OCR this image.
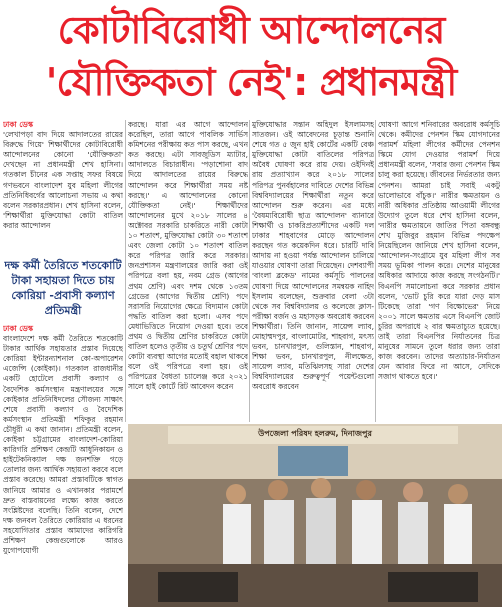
কোটাবিরোধী আন্দোলনের
'যৌক্তিকতা নেই': প্রধানমন্ত্রী

ঢাকা ডেস্ক

'লেখাপড়া বাদ দিয়ে আদালতের রায়ের বিরুদ্ধে গিয়ে' শিক্ষার্থীদের কোটাবিরোধী আন্দোলনের কোনো 'যৌক্তিকতা' দেখছেন না প্রধানমন্ত্রী শেখ হাসিনা। গতকাল চীনের এক সপ্তাহ সফর বিষয়ে গণভবনে বাংলাদেশ যুব মহিলা লীগের প্রতিনিধিবর্গের আলোচনা সভায় এ কথা বলেন সরকারপ্রধান। শেখ হাসিনা বলেন, 'শিক্ষার্থীরা মুক্তিযোদ্ধা কোটা বাতিল করার আন্দোলন

দক্ষ কর্মী তৈরিতে শতকোটি টাকা সহায়তা দিতে চায় কোরিয়া -প্রবাসী কল্যাণ প্রতিমন্ত্রী

ঢাকা ডেস্ক

বাংলাদেশে দক্ষ কর্মী তৈরিতে শতকোটি টাকার আর্থিক সহায়তার প্রস্তাব দিয়েছে কোরিয়া ইন্টারন্যাশনাল কো-অপারেশন এজেন্সি (কোইকা)। গতকাল রাজধানীর একটি হোটেলে প্রবাসী কল্যাণ ও বৈদেশিক কর্মসংস্থান মন্ত্রণালয়ের সঙ্গে কোইকার প্রতিনিধিদলের সৌজন্য সাক্ষাৎ শেষে প্রবাসী কল্যাণ ও বৈদেশিক কর্মসংস্থান প্রতিমন্ত্রী শফিকুর রহমান চৌধুরী এ কথা জানান। প্রতিমন্ত্রী বলেন, কোইকা চট্টগ্রামের বাংলাদেশ-কোরিয়া কারিগরি প্রশিক্ষণ কেন্দ্রটি আধুনিকায়ন ও হাইটেকনিক্যাল দক্ষ জনশক্তি গড়ে তোলার জন্য আর্থিক সহায়তা করবে বলে প্রস্তাব করেছে। আমরা প্রস্তাবটিকে স্বাগত জানিয়ে আমার ও এখানকার পরামর্শে দ্রুত বাস্তবায়নের লক্ষ্যে কাজ করতে সংশ্লিষ্টদের বলেছি। তিনি বলেন, দেশে দক্ষ জনবল তৈরিতে কোরিয়ার এ ধরনের সহযোগিতার প্রস্তাব আমাদের কারিগরি প্রশিক্ষণ কেন্দ্রগুলোকে আরও যুগোপযোগী

করছে। যারা এর আগে আন্দোলন করেছিল, তারা আগে পাবলিক সার্ভিস কমিশনের পরীক্ষায় কত পাস করছে, এখন কত করছে। এটা সাবজুডিস ম্যাটার, আদালতে বিচারাধীন। 'পড়াশোনা বাদ দিয়ে আদালতের রায়ের বিরুদ্ধে আন্দোলন করে শিক্ষার্থীরা সময় নষ্ট করছে।' এ আন্দোলনের কোনো যৌক্তিকতা নেই।' শিক্ষার্থীদের আন্দোলনের মুখে ২০১৮ সালের ৪ অক্টোবর সরকারি চাকরিতে নারী কোটা ১০ শতাংশ, মুক্তিযোদ্ধা কোটা ৩০ শতাংশ এবং জেলা কোটা ১০ শতাংশ বাতিল করে পরিপত্র জারি করে সরকার। জনপ্রশাসন মন্ত্রণালয়ের জারি করা ওই পরিপত্রে বলা হয়, নবম গ্রেড (আগের প্রথম শ্রেণি) এবং দশম থেকে ১৩তম গ্রেডের (আগের দ্বিতীয় শ্রেণি) পদে সরাসরি নিয়োগের ক্ষেত্রে বিদ্যমান কোটা পদ্ধতি বাতিল করা হলো। এসব পদে মেধাভিত্তিতে নিয়োগ দেওয়া হবে। তবে প্রথম ও দ্বিতীয় শ্রেণির চাকরিতে কোটা বাতিল হলেও তৃতীয় ও চতুর্থ শ্রেণির পদে কোটা ব্যবস্থা আগের মতোই বহাল থাকবে বলে ওই পরিপত্রে বলা হয়। ওই পরিপত্রের বৈধতা চ্যালেঞ্জ করে ২০২১ সালে হাই কোর্টে রিট আবেদন করেন

মুক্তিযোদ্ধার সন্তান অহিদুল ইসলামসহ সাতজন। ওই আবেদনের চূড়ান্ত শুনানি শেষে গত ৫ জুন হাই কোর্টের একটি বেঞ্চ মুক্তিযোদ্ধা কোটা বাতিলের পরিপত্র অবৈধ ঘোষণা করে রায় দেয়। ওইদিনই রায় প্রত্যাখ্যান করে ২০১৮ সালের পরিপত্র পুনর্বহালের দাবিতে দেশের বিভিন্ন বিশ্ববিদ্যালয়ের শিক্ষার্থীরা নতুন করে আন্দোলন শুরু করেন। এর মধ্যে 'বৈষম্যবিরোধী ছাত্র আন্দোলন' ব্যানারে শিক্ষার্থী ও চাকরিপ্রত্যাশীদের একটি দল ঢাকার শাহবাগের মোড়ে আন্দোলন করছেন গত কয়েকদিন ধরে। চারটি দাবি আদায় না হওয়া পর্যন্ত আন্দোলন চালিয়ে যাওয়ার ঘোষণা তারা দিয়েছেন। দেশব্যাপী 'বাংলা ব্লকেড' নামের কর্মসূচি পালনের ঘোষণা দিয়ে আন্দোলনের সমন্বয়ক নাহিদ ইসলাম বলেছেন, শুক্রবার বেলা ৩টা থেকে সব বিশ্ববিদ্যালয় ও কলেজে ক্লাস-পরীক্ষা বর্জন ও মহাসড়ক অবরোধ করবেন শিক্ষার্থীরা। তিনি জানান, সায়েন্স ল্যাব, মোহাম্মদপুর, বাংলামোটর, শাহবাগ, মৎস্য ভবন, চানখারপুল, গুলিস্তান, শাহবাগ, শিক্ষা ভবন, চানখারপুল, নীলক্ষেত, সায়েন্স ল্যাব, মতিঝিলসহ সারা দেশের বিশ্ববিদ্যালয়ের শুরুত্বপূর্ণ পয়েন্টগুলো অবরোধ করবেন

ঘোষণা আগে শনিবারের অবরোধ কর্মসূচি থেকে। কমীদের পেনশন স্কিম যোগদানের পরামর্শ মহিলা লীগের কর্মীদের পেনশন স্কিমে যোগ দেওয়ার পরামর্শ দিয়ে প্রধানমন্ত্রী বলেন, 'সবার জন্য পেনশন স্কিম চালু করা হয়েছে। জীবনের নির্ভরতার জন্য পেনশন। আমরা চাই সবাই একটু ভালোভাবে বাঁচুক।' নারীর ক্ষমতায়ন ও নারী অধিকার প্রতিষ্ঠায় আওয়ামী লীগের উদ্যোগ তুলে ধরে শেখ হাসিনা বলেন, 'নারীর ক্ষমতায়নে জাতির পিতা বঙ্গবন্ধু শেখ মুজিবুর রহমান বিভিন্ন পদক্ষেপ নিয়েছিলেন জানিয়ে শেখ হাসিনা বলেন, 'আন্দোলন-সংগ্রামে যুব মহিলা লীগ সব সময় ভূমিকা পালন করে। দেশের মানুষের অধিকার আদায়ে কাজ করছে সংগঠনটি।' বিএনপি সমালোচনা করে সরকার প্রধান বলেন, 'ভোট চুরি করে যারা দেড় মাস টিকেছে তারা 'গণ বিক্ষোভের' নিয়ে ২০০১ সালে ক্ষমতায় এসে বিএনপি জোট চুরির অপরাধে ২ বার ক্ষমতাচ্যুত হয়েছে। তাই তারা বিএনপির নির্যাতনের চিত্র মানুষের সামনে তুলে ধরার জন্য তারা কাজ করবেন। তাদের অত্যাচার-নির্যাতন যেন আবার ফিরে না আসে, সেদিকে সজাগ থাকতে হবে।'

উপজেলা পরিষদ হলরুম, দিনাজপুর
